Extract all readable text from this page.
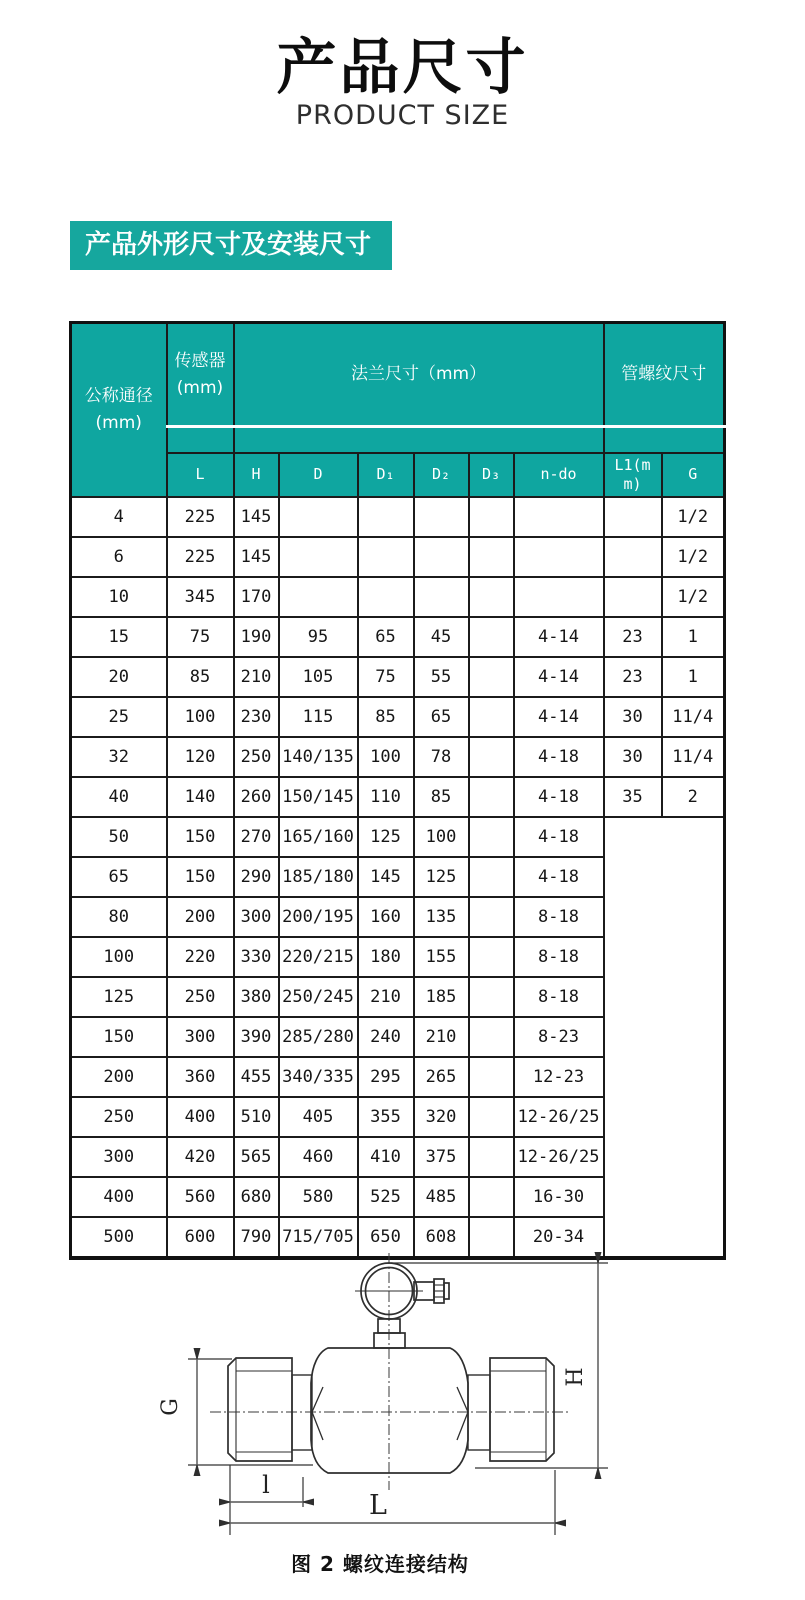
产品尺寸
PRODUCT SIZE
产品外形尺寸及安装尺寸
公称通径
(mm)

传感器
(mm)
	法兰尺寸（mm）	管螺纹尺寸

	L	H	D	D₁	D₂	D₃	n-do	L1(mm)	G
4	225	145							1/2
6	225	145							1/2
10	345	170							1/2
15	75	190	95	65	45		4-14	23	1
20	85	210	105	75	55		4-14	23	1
25	100	230	115	85	65		4-14	30	11/4
32	120	250	140/135	100	78		4-18	30	11/4
40	140	260	150/145	110	85		4-18	35	2
50	150	270	165/160	125	100		4-18		
65	150	290	185/180	145	125		4-18		
80	200	300	200/195	160	135		8-18		
100	220	330	220/215	180	155		8-18		
125	250	380	250/245	210	185		8-18		
150	300	390	285/280	240	210		8-23		
200	360	455	340/335	295	265		12-23		
250	400	510	405	355	320		12-26/25		
300	420	565	460	410	375		12-26/25		
400	560	680	580	525	485		16-30		
500	600	790	715/705	650	608		20-34		
H
G
l
L
图 2 螺纹连接结构
